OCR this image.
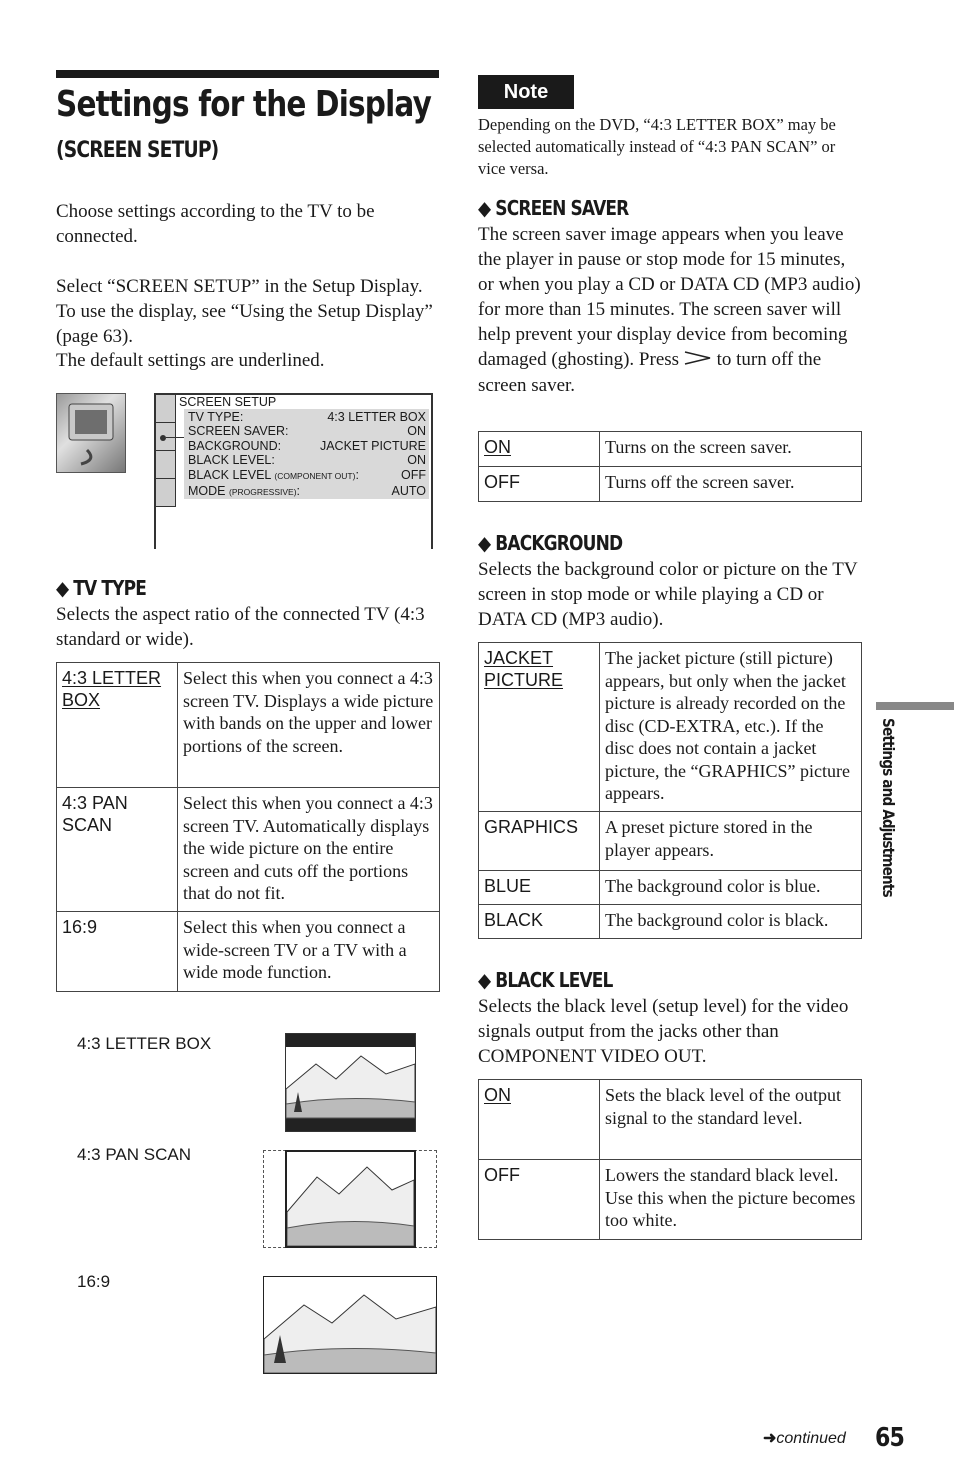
Settings for the Display
(SCREEN SETUP)
Choose settings according to the TV to be connected.
Select “SCREEN SETUP” in the Setup Display. To use the display, see “Using the Setup Display” (page 63).
The default settings are underlined.
SCREEN SETUP
TV TYPE:	4:3 LETTER BOX
SCREEN SAVER:	ON
BACKGROUND:	JACKET PICTURE
BLACK LEVEL:	ON
BLACK LEVEL (COMPONENT OUT):	OFF
MODE (PROGRESSIVE):	AUTO
◆ TV TYPE
Selects the aspect ratio of the connected TV (4:3 standard or wide).
4:3 LETTER BOX	Select this when you connect a 4:3 screen TV. Displays a wide picture with bands on the upper and lower portions of the screen.
4:3 PAN SCAN	Select this when you connect a 4:3 screen TV. Automatically displays the wide picture on the entire screen and cuts off the portions that do not fit.
16:9	Select this when you connect a wide-screen TV or a TV with a wide mode function.
4:3 LETTER BOX
4:3 PAN SCAN
16:9
Note
Depending on the DVD, “4:3 LETTER BOX” may be selected automatically instead of “4:3 PAN SCAN” or vice versa.
◆ SCREEN SAVER
The screen saver image appears when you leave the player in pause or stop mode for 15 minutes, or when you play a CD or DATA CD (MP3 audio) for more than 15 minutes. The screen saver will help prevent your display device from becoming damaged (ghosting). Press to turn off the screen saver.
ON	Turns on the screen saver.
OFF	Turns off the screen saver.
◆ BACKGROUND
Selects the background color or picture on the TV screen in stop mode or while playing a CD or DATA CD (MP3 audio).
JACKET PICTURE	The jacket picture (still picture) appears, but only when the jacket picture is already recorded on the disc (CD-EXTRA, etc.). If the disc does not contain a jacket picture, the “GRAPHICS” picture appears.
GRAPHICS	A preset picture stored in the player appears.
BLUE	The background color is blue.
BLACK	The background color is black.
◆ BLACK LEVEL
Selects the black level (setup level) for the video signals output from the jacks other than COMPONENT VIDEO OUT.
ON	Sets the black level of the output signal to the standard level.
OFF	Lowers the standard black level. Use this when the picture becomes too white.
Settings and Adjustments
➜continued 65
